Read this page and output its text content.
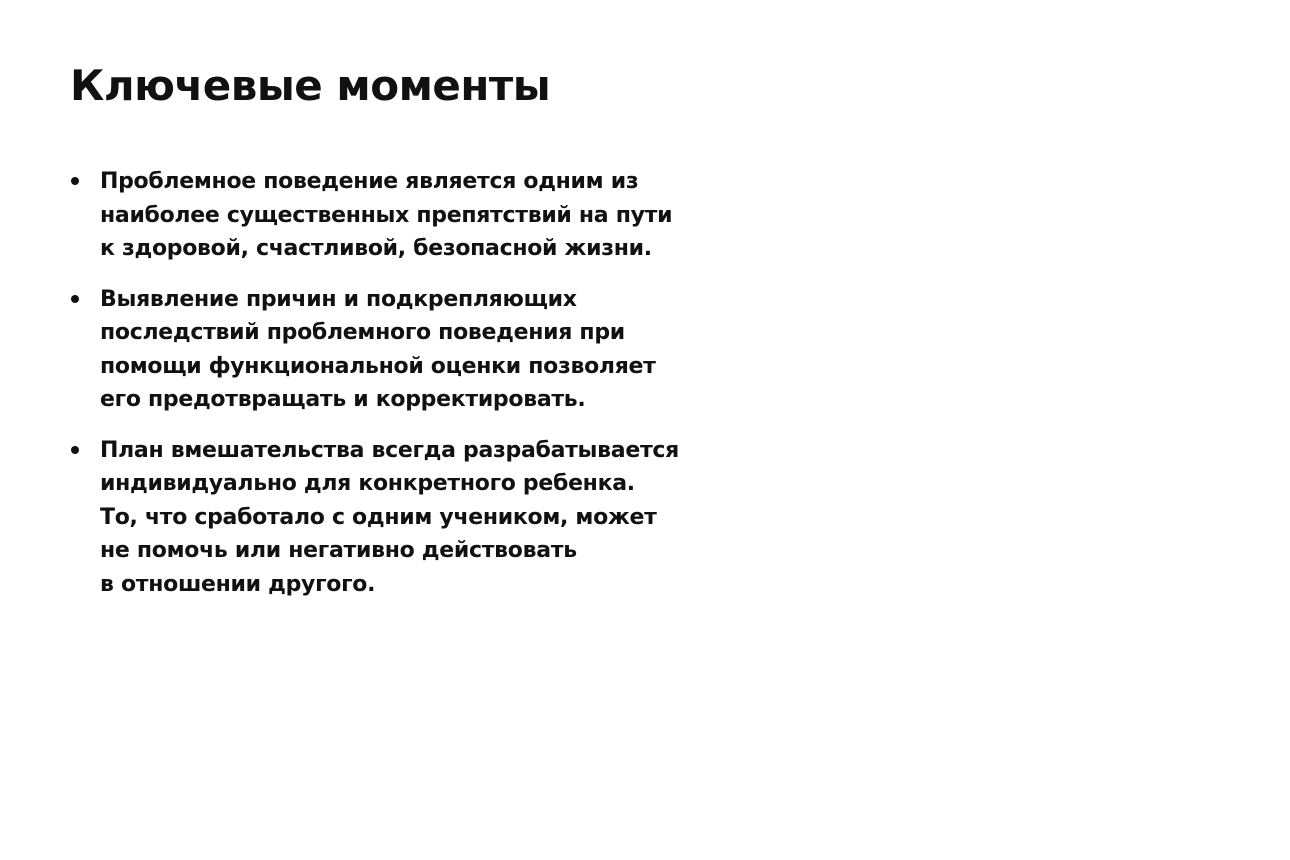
Ключевые моменты
Проблемное поведение является одним из
наиболее существенных препятствий на пути
к здоровой, счастливой, безопасной жизни.
Выявление причин и подкрепляющих
последствий проблемного поведения при
помощи функциональной оценки позволяет
его предотвращать и корректировать.
План вмешательства всегда разрабатывается
индивидуально для конкретного ребенка.
То, что сработало с одним учеником, может
не помочь или негативно действовать
в отношении другого.
